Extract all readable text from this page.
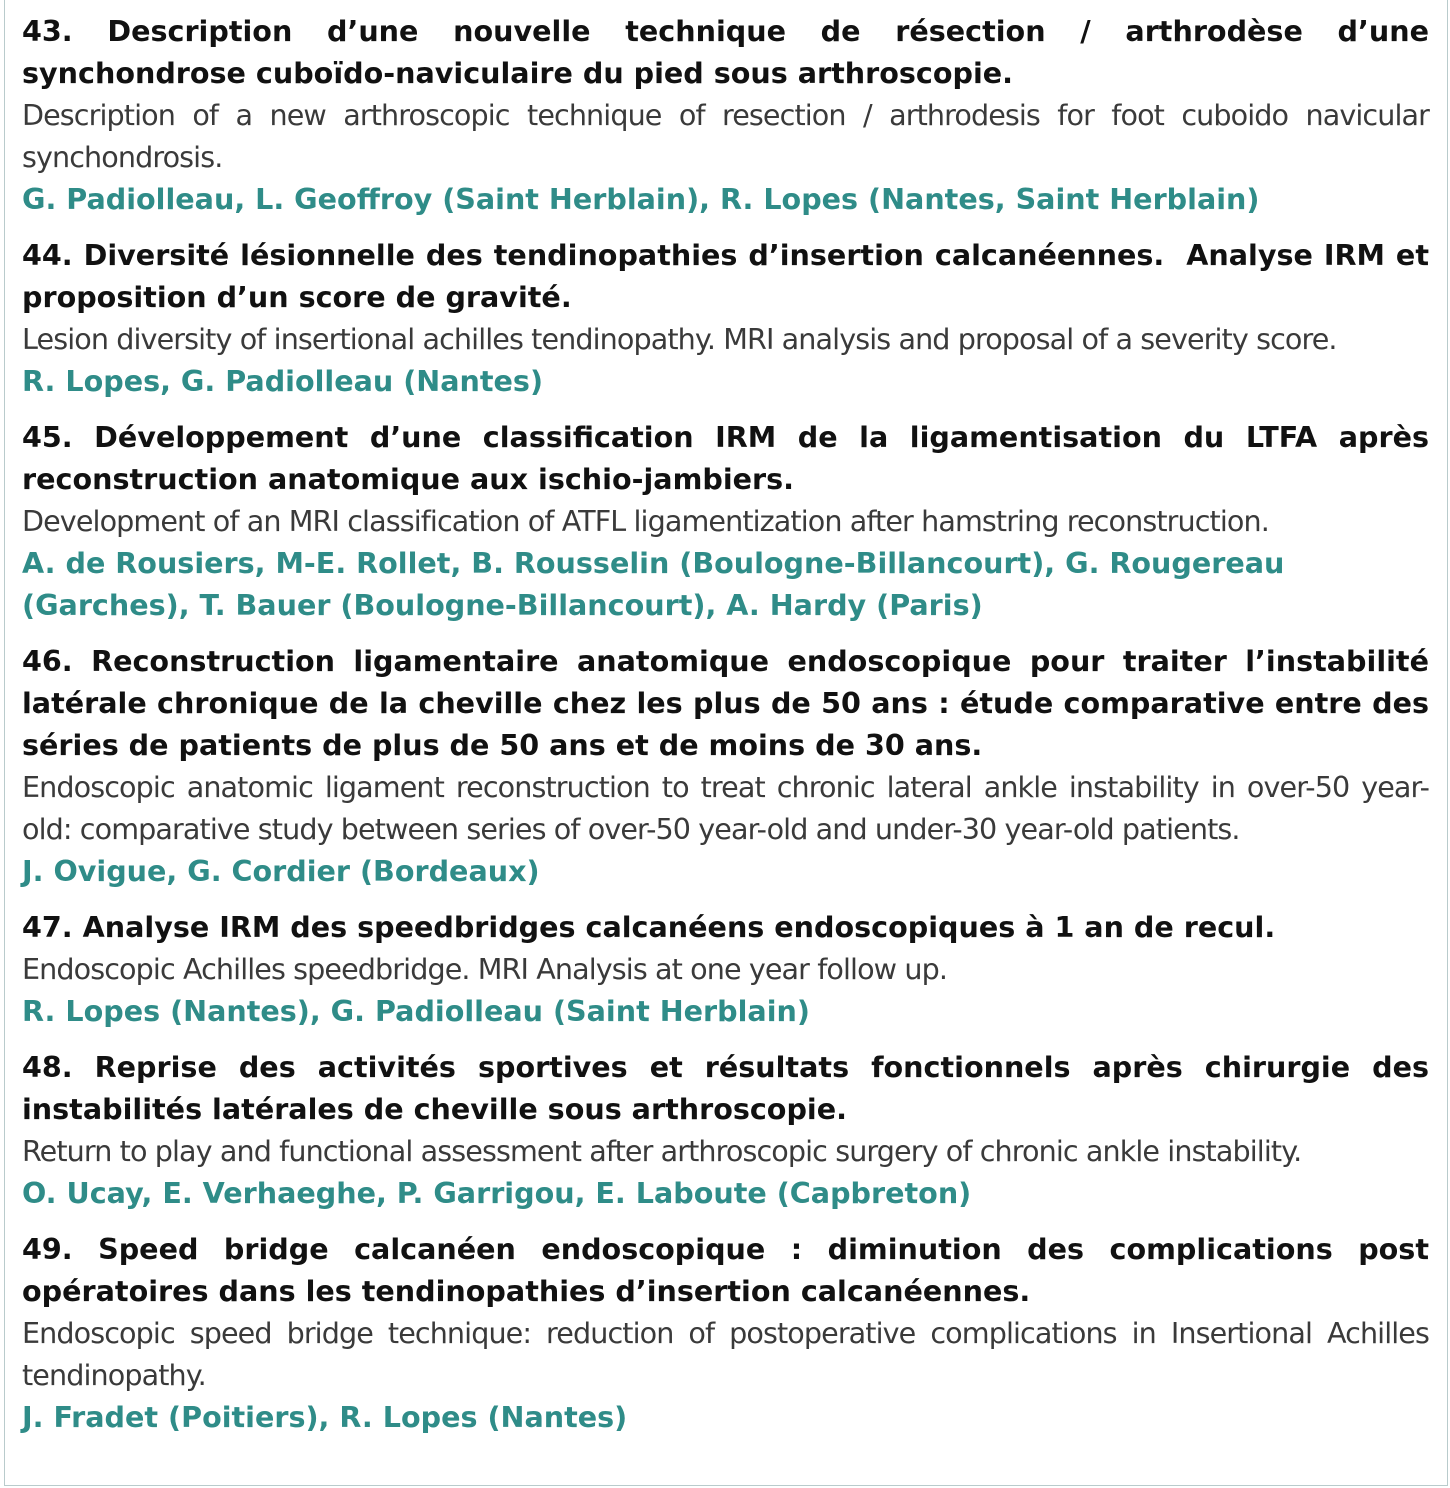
43. Description d’une nouvelle technique de résection / arthrodèse d’une synchondrose cuboïdo-naviculaire du pied sous arthroscopie.

Description of a new arthroscopic technique of resection / arthrodesis for foot cuboido navicular synchondrosis.

G. Padiolleau, L. Geoffroy (Saint Herblain), R. Lopes (Nantes, Saint Herblain)

44. Diversité lésionnelle des tendinopathies d’insertion calcanéennes.  Analyse IRM et proposition d’un score de gravité.

Lesion diversity of insertional achilles tendinopathy. MRI analysis and proposal of a severity score.

R. Lopes, G. Padiolleau (Nantes)

45. Développement d’une classification IRM de la ligamentisation du LTFA après reconstruction anatomique aux ischio-jambiers.

Development of an MRI classification of ATFL ligamentization after hamstring reconstruction.

A. de Rousiers, M-E. Rollet, B. Rousselin (Boulogne-Billancourt), G. Rougereau (Garches), T. Bauer (Boulogne-Billancourt), A. Hardy (Paris)

46. Reconstruction ligamentaire anatomique endoscopique pour traiter l’instabilité latérale chronique de la cheville chez les plus de 50 ans : étude comparative entre des séries de patients de plus de 50 ans et de moins de 30 ans.

Endoscopic anatomic ligament reconstruction to treat chronic lateral ankle instability in over-50 year-old: comparative study between series of over-50 year-old and under-30 year-old patients.

J. Ovigue, G. Cordier (Bordeaux)

47. Analyse IRM des speedbridges calcanéens endoscopiques à 1 an de recul.

Endoscopic Achilles speedbridge. MRI Analysis at one year follow up.

R. Lopes (Nantes), G. Padiolleau (Saint Herblain)

48. Reprise des activités sportives et résultats fonctionnels après chirurgie des instabilités latérales de cheville sous arthroscopie.

Return to play and functional assessment after arthroscopic surgery of chronic ankle instability.

O. Ucay, E. Verhaeghe, P. Garrigou, E. Laboute (Capbreton)

49. Speed bridge calcanéen endoscopique : diminution des complications post opératoires dans les tendinopathies d’insertion calcanéennes.

Endoscopic speed bridge technique: reduction of postoperative complications in Insertional Achilles tendinopathy.

J. Fradet (Poitiers), R. Lopes (Nantes)
